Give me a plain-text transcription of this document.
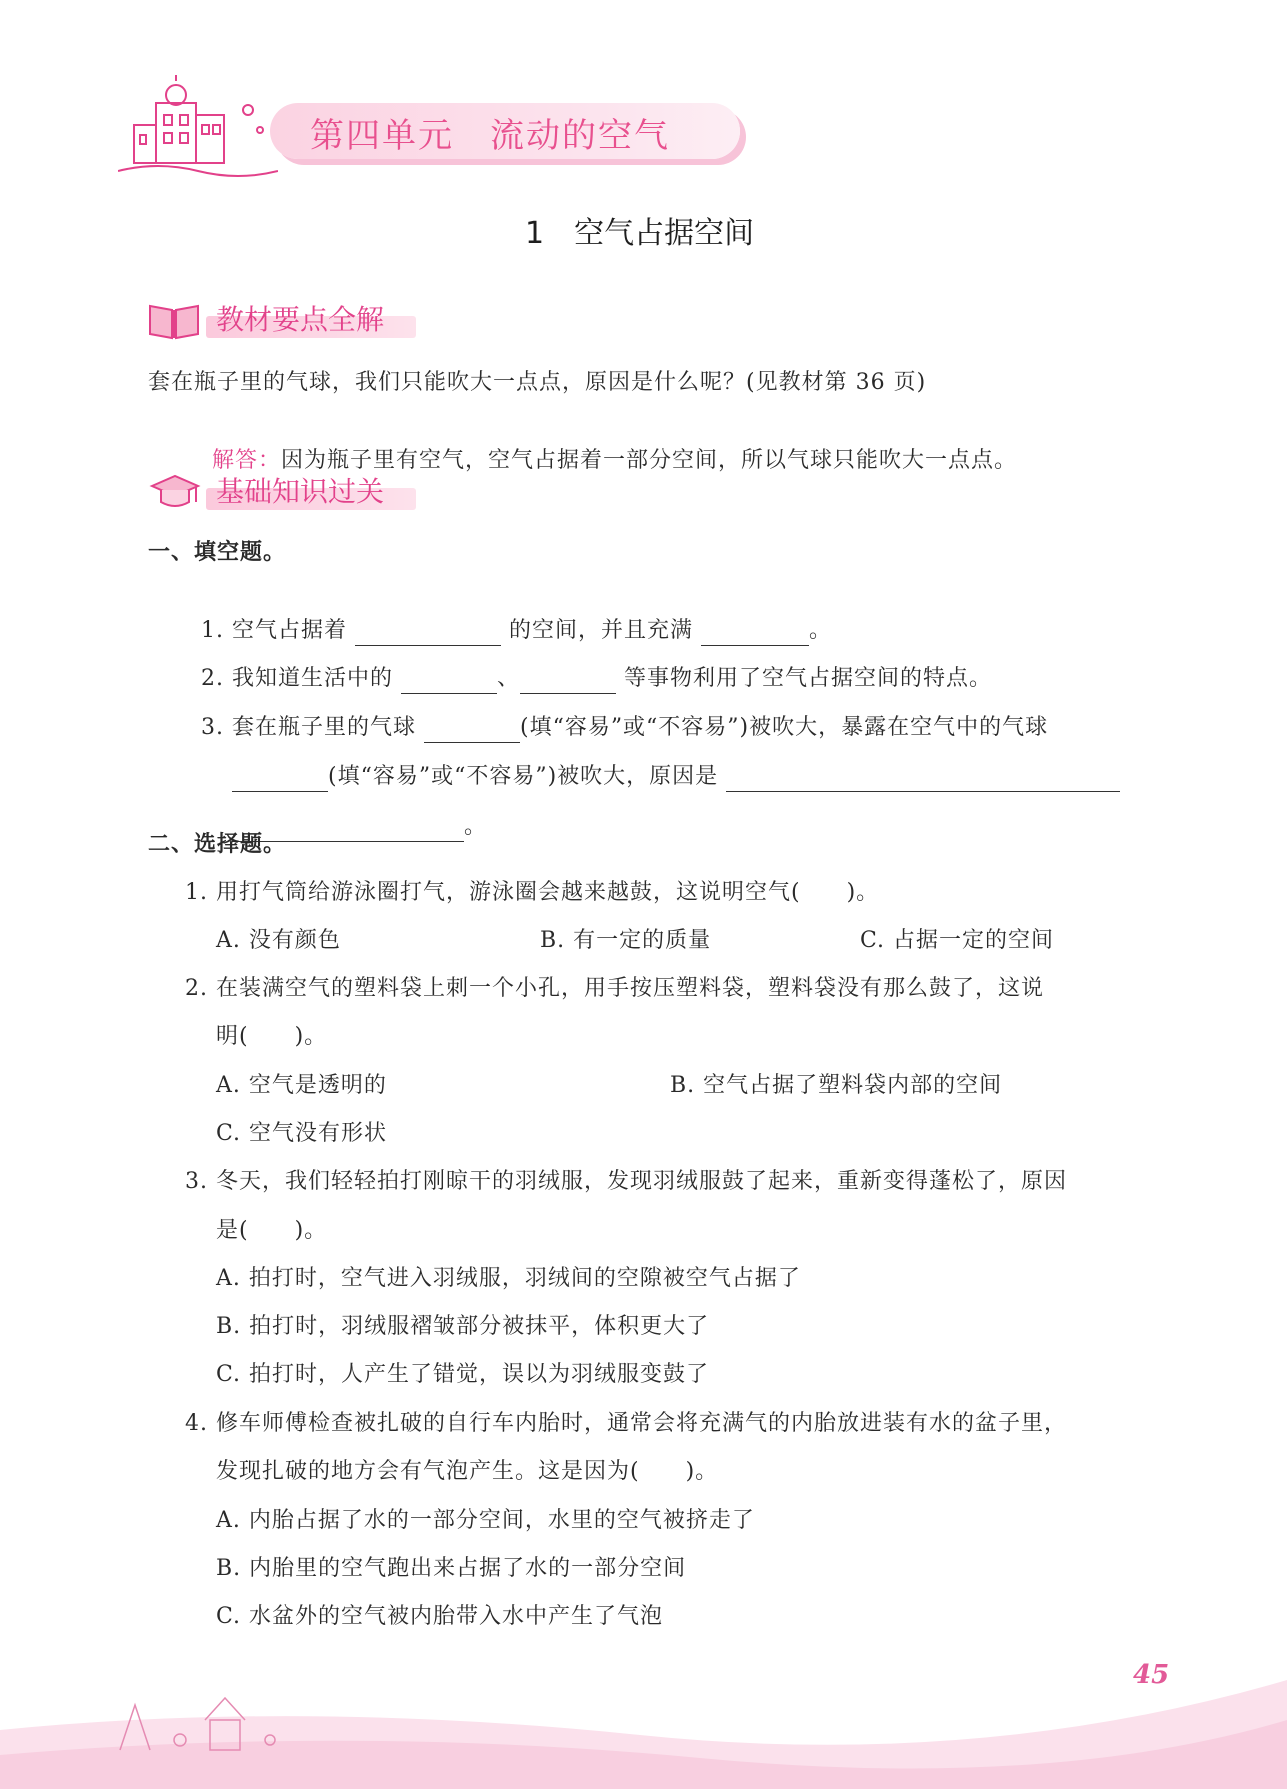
第四单元　流动的空气
1　空气占据空间
教材要点全解
套在瓶子里的气球，我们只能吹大一点点，原因是什么呢？(见教材第 36 页)

解答：因为瓶子里有空气，空气占据着一部分空间，所以气球只能吹大一点点。

基础知识过关
一、填空题。

1. 空气占据着	的空间，并且充满	。

2. 我知道生活中的	、	等事物利用了空气占据空间的特点。

3. 套在瓶子里的气球	(填“容易”或“不容易”)被吹大，暴露在空气中的气球

(填“容易”或“不容易”)被吹大，原因是

。

二、选择题。
1. 用打气筒给游泳圈打气，游泳圈会越来越鼓，这说明空气(　　)。
A. 没有颜色	B. 有一定的质量	C. 占据一定的空间
2. 在装满空气的塑料袋上刺一个小孔，用手按压塑料袋，塑料袋没有那么鼓了，这说
明(　　)。
A. 空气是透明的	B. 空气占据了塑料袋内部的空间
C. 空气没有形状
3. 冬天，我们轻轻拍打刚晾干的羽绒服，发现羽绒服鼓了起来，重新变得蓬松了，原因
是(　　)。
A. 拍打时，空气进入羽绒服，羽绒间的空隙被空气占据了
B. 拍打时，羽绒服褶皱部分被抹平，体积更大了
C. 拍打时，人产生了错觉，误以为羽绒服变鼓了
4. 修车师傅检查被扎破的自行车内胎时，通常会将充满气的内胎放进装有水的盆子里，
发现扎破的地方会有气泡产生。这是因为(　　)。
A. 内胎占据了水的一部分空间，水里的空气被挤走了
B. 内胎里的空气跑出来占据了水的一部分空间
C. 水盆外的空气被内胎带入水中产生了气泡
45
